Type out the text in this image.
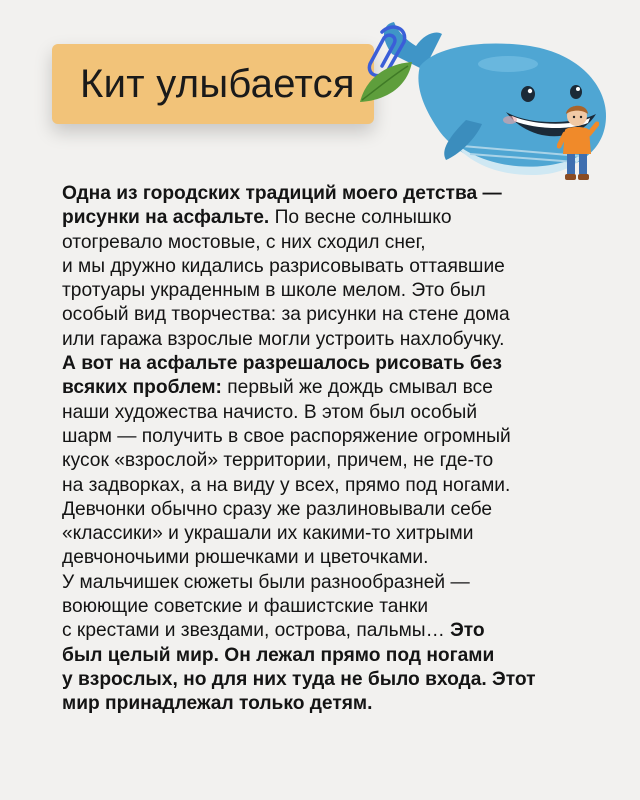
Кит улыбается
Одна из городских традиций моего детства —
рисунки на асфальте. По весне солнышко
отогревало мостовые, с них сходил снег,
и мы дружно кидались разрисовывать оттаявшие
тротуары украденным в школе мелом. Это был
особый вид творчества: за рисунки на стене дома
или гаража взрослые могли устроить нахлобучку.
А вот на асфальте разрешалось рисовать без
всяких проблем: первый же дождь смывал все
наши художества начисто. В этом был особый
шарм — получить в свое распоряжение огромный
кусок «взрослой» территории, причем, не где-то
на задворках, а на виду у всех, прямо под ногами.
Девчонки обычно сразу же разлиновывали себе
«классики» и украшали их какими-то хитрыми
девчоночьими рюшечками и цветочками.
У мальчишек сюжеты были разнообразней —
воюющие советские и фашистские танки
с крестами и звездами, острова, пальмы… Это
был целый мир. Он лежал прямо под ногами
у взрослых, но для них туда не было входа. Этот
мир принадлежал только детям.
